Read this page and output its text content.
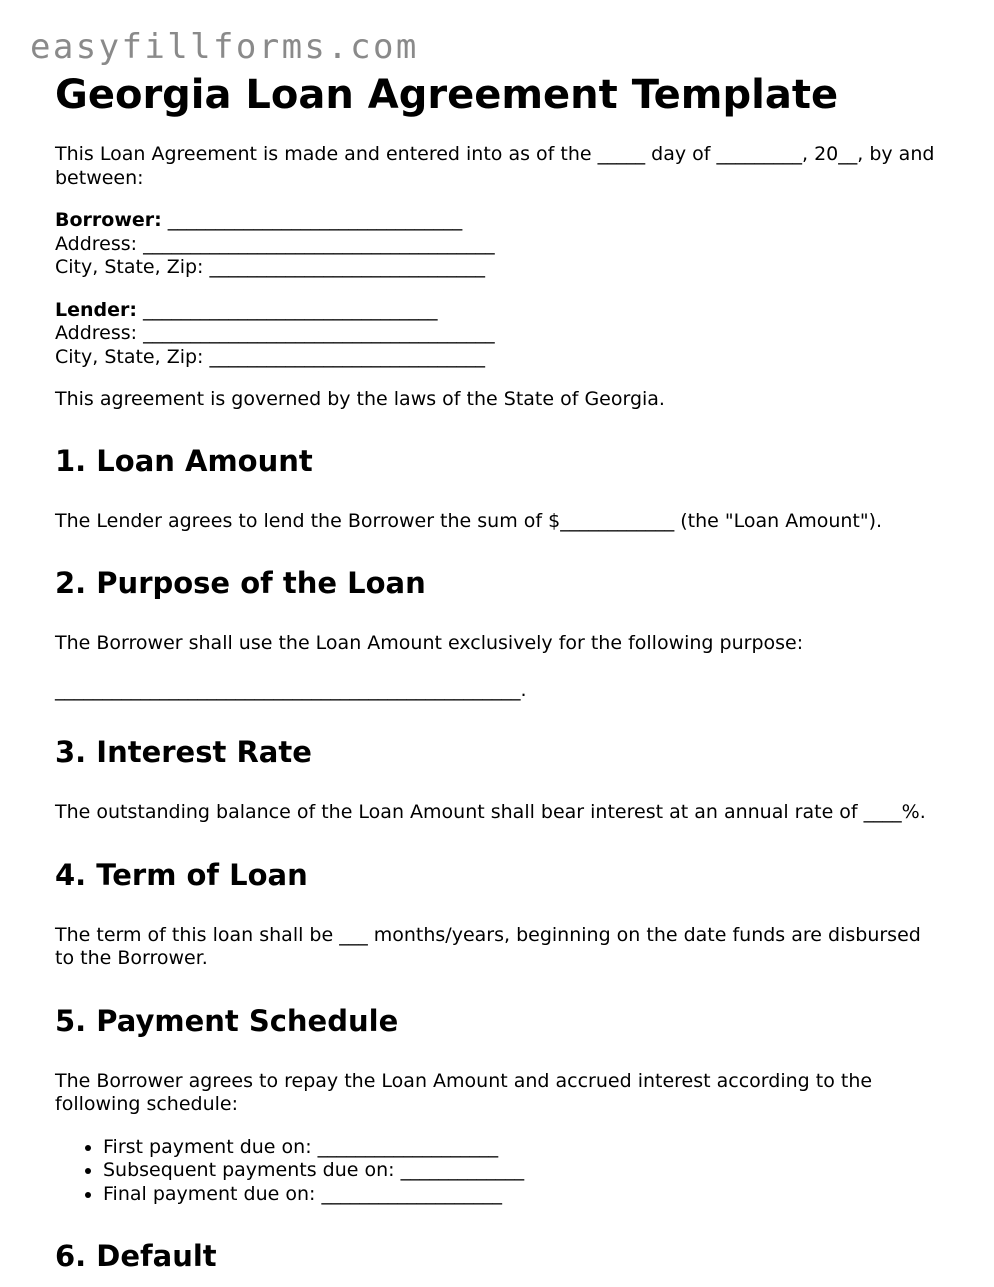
easyfillforms.com
Georgia Loan Agreement Template

This Loan Agreement is made and entered into as of the _____ day of _________, 20__, by and between:

Borrower: _______________________________
Address: _____________________________________
City, State, Zip: _____________________________
Lender: _______________________________
Address: _____________________________________
City, State, Zip: _____________________________

This agreement is governed by the laws of the State of Georgia.

1. Loan Amount

The Lender agrees to lend the Borrower the sum of $____________ (the "Loan Amount").

2. Purpose of the Loan

The Borrower shall use the Loan Amount exclusively for the following purpose:

_________________________________________________.

3. Interest Rate

The outstanding balance of the Loan Amount shall bear interest at an annual rate of ____%.

4. Term of Loan

The term of this loan shall be ___ months/years, beginning on the date funds are disbursed to the Borrower.

5. Payment Schedule

The Borrower agrees to repay the Loan Amount and accrued interest according to the following schedule:

• First payment due on: ___________________
• Subsequent payments due on: _____________
• Final payment due on: ___________________
6. Default
